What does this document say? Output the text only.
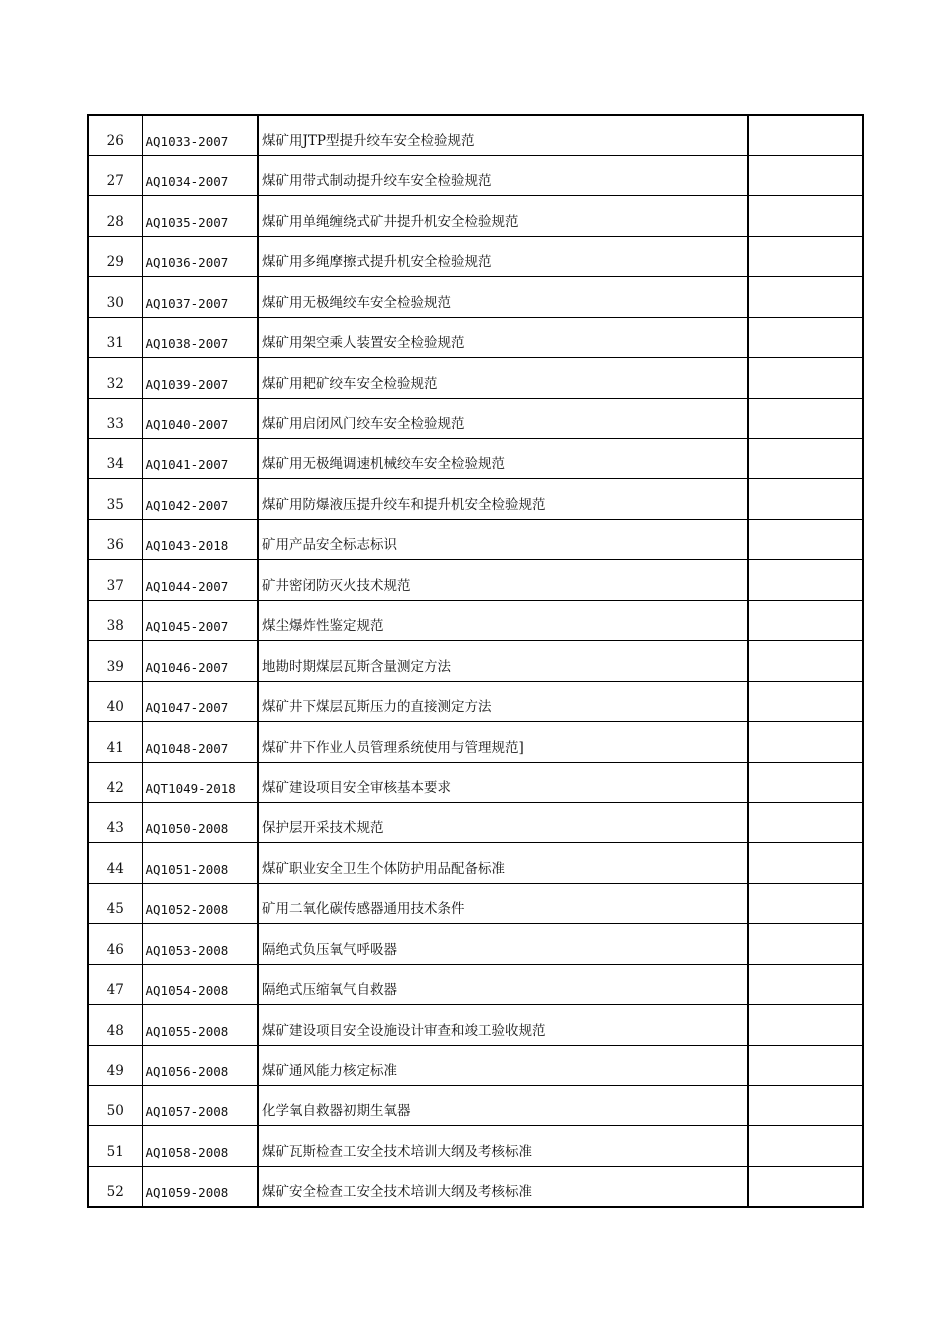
26	AQ1033-2007	煤矿用JTP型提升绞车安全检验规范	
27	AQ1034-2007	煤矿用带式制动提升绞车安全检验规范	
28	AQ1035-2007	煤矿用单绳缠绕式矿井提升机安全检验规范	
29	AQ1036-2007	煤矿用多绳摩擦式提升机安全检验规范	
30	AQ1037-2007	煤矿用无极绳绞车安全检验规范	
31	AQ1038-2007	煤矿用架空乘人装置安全检验规范	
32	AQ1039-2007	煤矿用耙矿绞车安全检验规范	
33	AQ1040-2007	煤矿用启闭风门绞车安全检验规范	
34	AQ1041-2007	煤矿用无极绳调速机械绞车安全检验规范	
35	AQ1042-2007	煤矿用防爆液压提升绞车和提升机安全检验规范	
36	AQ1043-2018	矿用产品安全标志标识	
37	AQ1044-2007	矿井密闭防灭火技术规范	
38	AQ1045-2007	煤尘爆炸性鉴定规范	
39	AQ1046-2007	地勘时期煤层瓦斯含量测定方法	
40	AQ1047-2007	煤矿井下煤层瓦斯压力的直接测定方法	
41	AQ1048-2007	煤矿井下作业人员管理系统使用与管理规范]	
42	AQT1049-2018	煤矿建设项目安全审核基本要求	
43	AQ1050-2008	保护层开采技术规范	
44	AQ1051-2008	煤矿职业安全卫生个体防护用品配备标准	
45	AQ1052-2008	矿用二氧化碳传感器通用技术条件	
46	AQ1053-2008	隔绝式负压氧气呼吸器	
47	AQ1054-2008	隔绝式压缩氧气自救器	
48	AQ1055-2008	煤矿建设项目安全设施设计审查和竣工验收规范	
49	AQ1056-2008	煤矿通风能力核定标准	
50	AQ1057-2008	化学氧自救器初期生氧器	
51	AQ1058-2008	煤矿瓦斯检查工安全技术培训大纲及考核标准	
52	AQ1059-2008	煤矿安全检查工安全技术培训大纲及考核标准	
